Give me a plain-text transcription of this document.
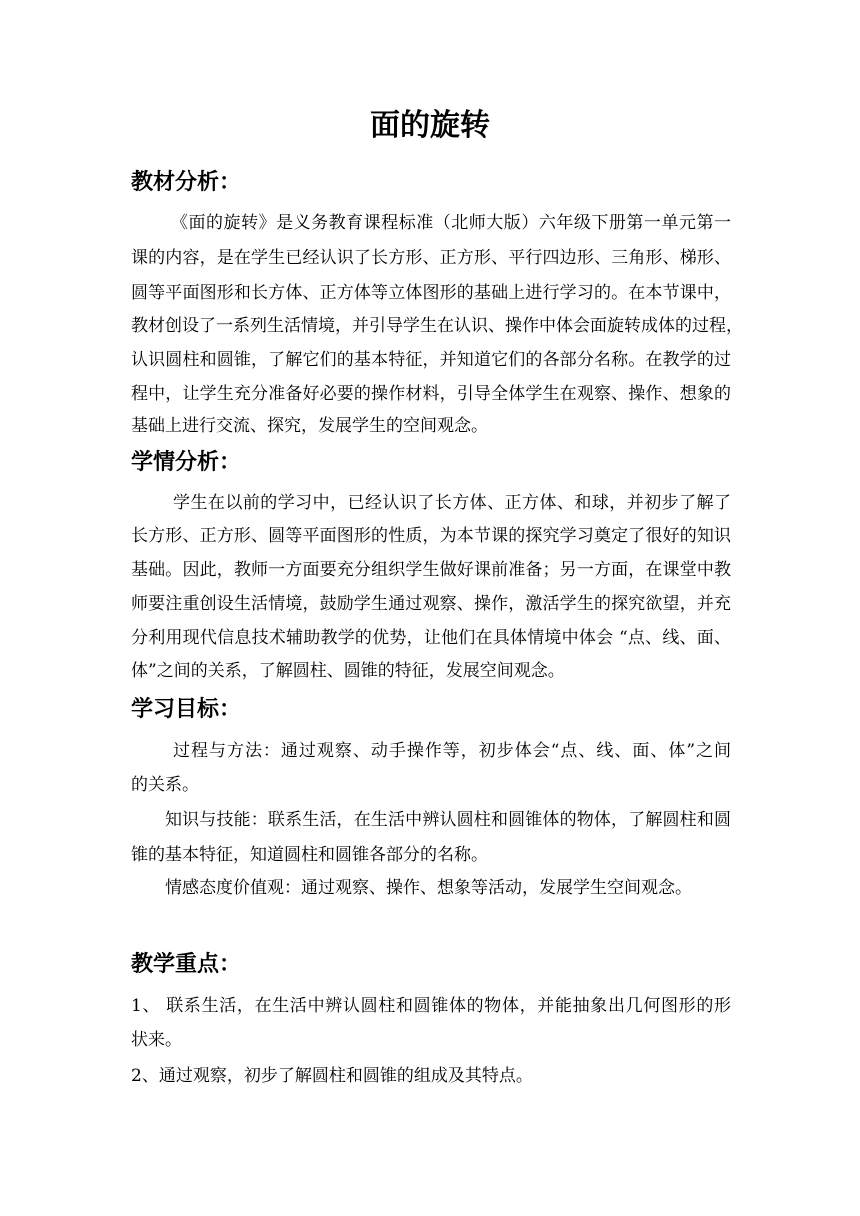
面的旋转
教材分析：
《面的旋转》是义务教育课程标准（北师大版）六年级下册第一单元第一
课的内容，是在学生已经认识了长方形、正方形、平行四边形、三角形、梯形、
圆等平面图形和长方体、正方体等立体图形的基础上进行学习的。在本节课中，
教材创设了一系列生活情境，并引导学生在认识、操作中体会面旋转成体的过程，
认识圆柱和圆锥，了解它们的基本特征，并知道它们的各部分名称。在教学的过
程中，让学生充分准备好必要的操作材料，引导全体学生在观察、操作、想象的
基础上进行交流、探究，发展学生的空间观念。
学情分析：
学生在以前的学习中，已经认识了长方体、正方体、和球，并初步了解了
长方形、正方形、圆等平面图形的性质，为本节课的探究学习奠定了很好的知识
基础。因此，教师一方面要充分组织学生做好课前准备；另一方面，在课堂中教
师要注重创设生活情境，鼓励学生通过观察、操作，激活学生的探究欲望，并充
分利用现代信息技术辅助教学的优势，让他们在具体情境中体会 “点、线、面、
体”之间的关系，了解圆柱、圆锥的特征，发展空间观念。
学习目标：
过程与方法：通过观察、动手操作等，初步体会“点、线、面、体”之间
的关系。
知识与技能：联系生活，在生活中辨认圆柱和圆锥体的物体，了解圆柱和圆
锥的基本特征，知道圆柱和圆锥各部分的名称。
情感态度价值观：通过观察、操作、想象等活动，发展学生空间观念。
教学重点：
1、 联系生活，在生活中辨认圆柱和圆锥体的物体，并能抽象出几何图形的形
状来。
2、通过观察，初步了解圆柱和圆锥的组成及其特点。
